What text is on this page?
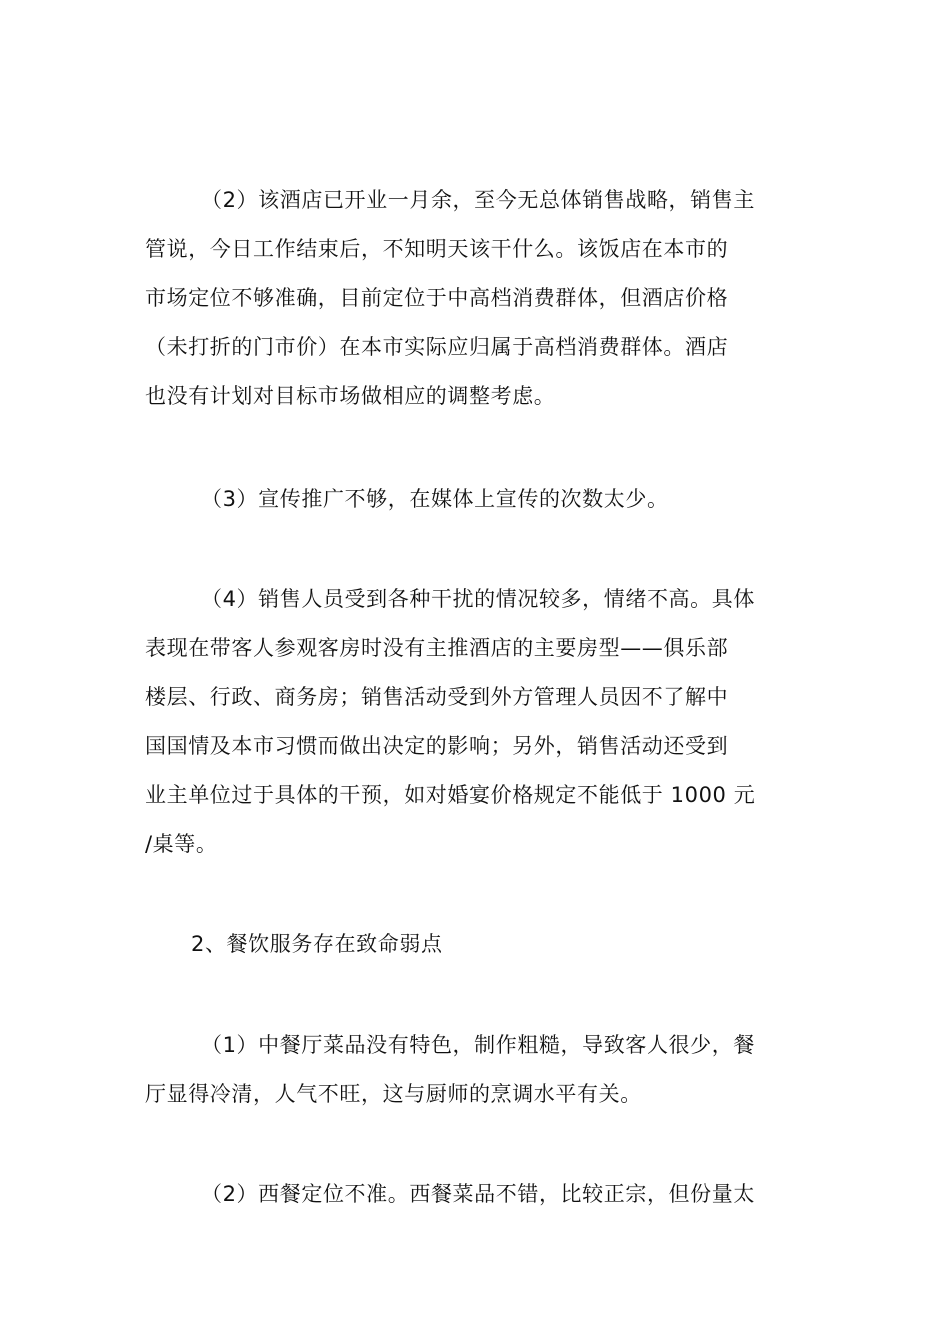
（2）该酒店已开业一月余，至今无总体销售战略，销售主
管说，今日工作结束后，不知明天该干什么。该饭店在本市的
市场定位不够准确，目前定位于中高档消费群体，但酒店价格
（未打折的门市价）在本市实际应归属于高档消费群体。酒店
也没有计划对目标市场做相应的调整考虑。
（3）宣传推广不够，在媒体上宣传的次数太少。
（4）销售人员受到各种干扰的情况较多，情绪不高。具体
表现在带客人参观客房时没有主推酒店的主要房型——俱乐部
楼层、行政、商务房；销售活动受到外方管理人员因不了解中
国国情及本市习惯而做出决定的影响；另外，销售活动还受到
业主单位过于具体的干预，如对婚宴价格规定不能低于 1000 元
/桌等。
2、餐饮服务存在致命弱点
（1）中餐厅菜品没有特色，制作粗糙，导致客人很少，餐
厅显得冷清，人气不旺，这与厨师的烹调水平有关。
（2）西餐定位不准。西餐菜品不错，比较正宗，但份量太
